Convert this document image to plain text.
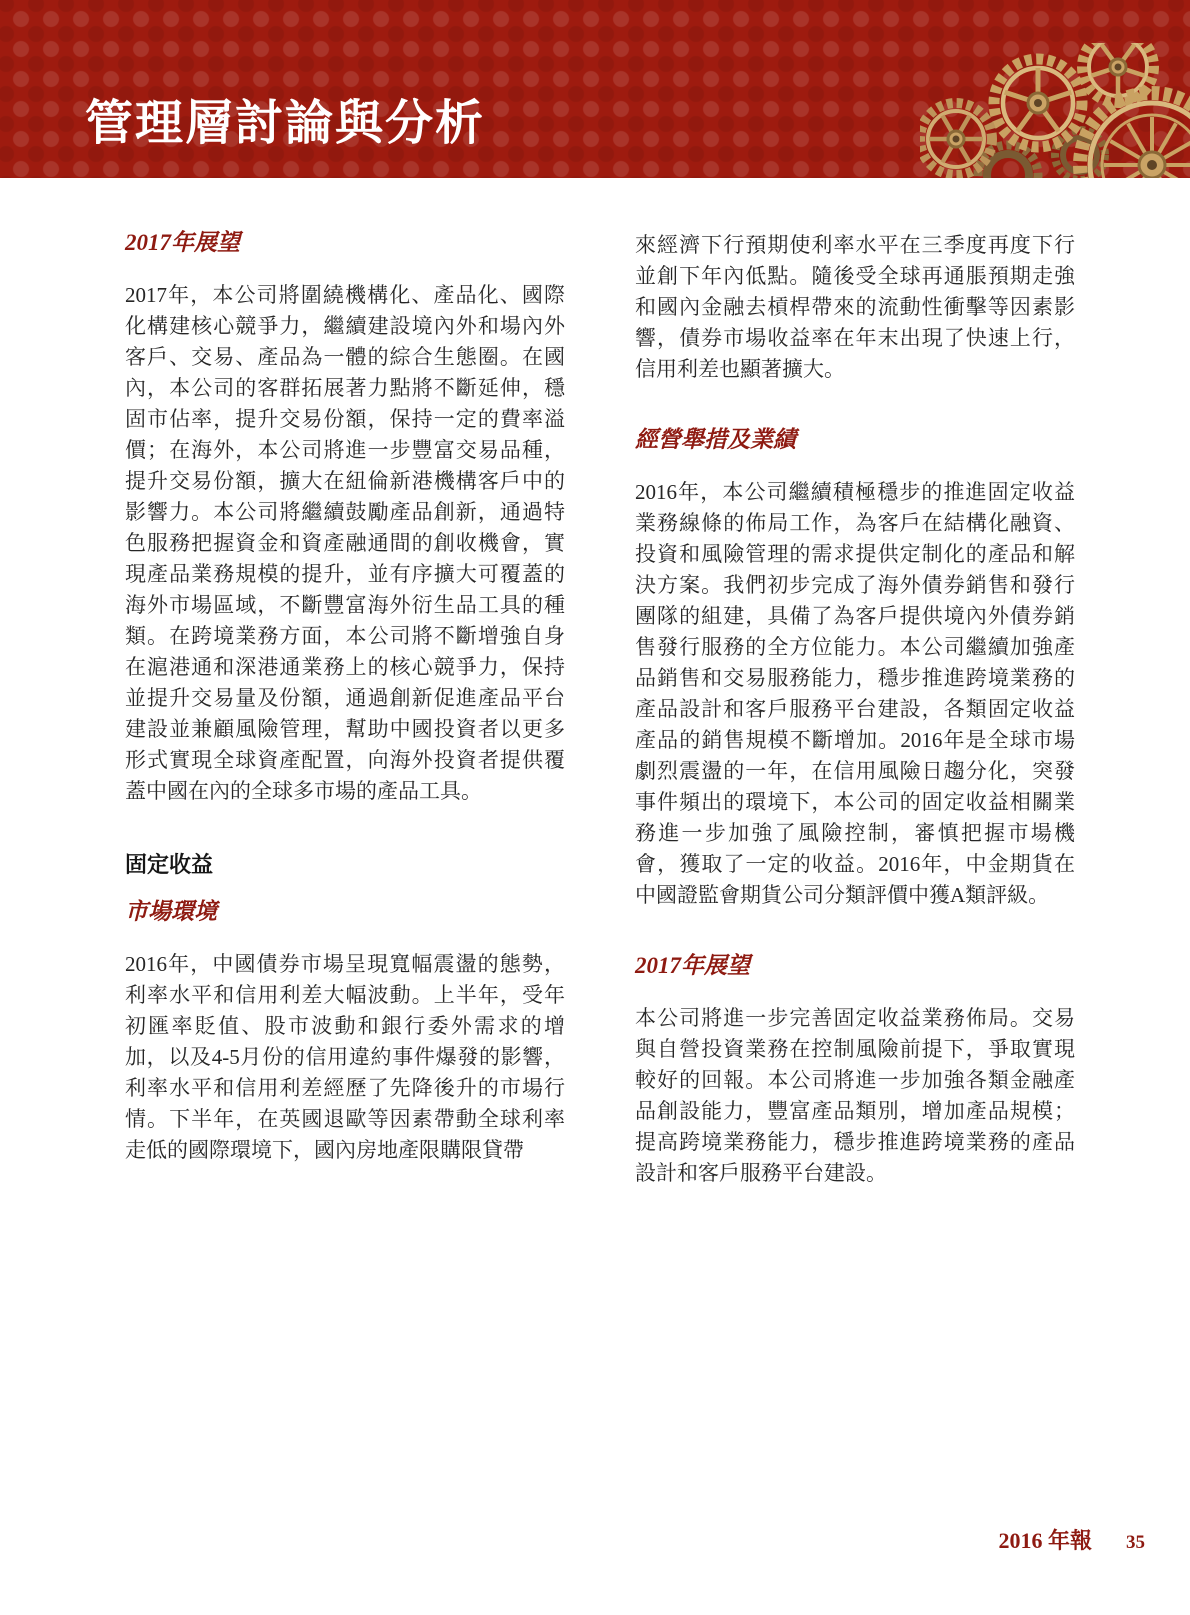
管理層討論與分析
2017年展望

2017年，本公司將圍繞機構化、產品化、國際化構建核心競爭力，繼續建設境內外和場內外客戶、交易、產品為一體的綜合生態圈。在國內，本公司的客群拓展著力點將不斷延伸，穩固市佔率，提升交易份額，保持一定的費率溢價；在海外，本公司將進一步豐富交易品種，提升交易份額，擴大在紐倫新港機構客戶中的影響力。本公司將繼續鼓勵產品創新，通過特色服務把握資金和資產融通間的創收機會，實現產品業務規模的提升，並有序擴大可覆蓋的海外市場區域，不斷豐富海外衍生品工具的種類。在跨境業務方面，本公司將不斷增強自身在滬港通和深港通業務上的核心競爭力，保持並提升交易量及份額，通過創新促進產品平台建設並兼顧風險管理，幫助中國投資者以更多形式實現全球資產配置，向海外投資者提供覆蓋中國在內的全球多市場的產品工具。

固定收益
市場環境

2016年，中國債券市場呈現寬幅震盪的態勢，利率水平和信用利差大幅波動。上半年，受年初匯率貶值、股市波動和銀行委外需求的增加，以及4-5月份的信用違約事件爆發的影響，利率水平和信用利差經歷了先降後升的市場行情。下半年，在英國退歐等因素帶動全球利率走低的國際環境下，國內房地產限購限貸帶

來經濟下行預期使利率水平在三季度再度下行並創下年內低點。隨後受全球再通脹預期走強和國內金融去槓桿帶來的流動性衝擊等因素影響，債券市場收益率在年末出現了快速上行，信用利差也顯著擴大。

經營舉措及業績

2016年，本公司繼續積極穩步的推進固定收益業務線條的佈局工作，為客戶在結構化融資、投資和風險管理的需求提供定制化的產品和解決方案。我們初步完成了海外債券銷售和發行團隊的組建，具備了為客戶提供境內外債券銷售發行服務的全方位能力。本公司繼續加強產品銷售和交易服務能力，穩步推進跨境業務的產品設計和客戶服務平台建設，各類固定收益產品的銷售規模不斷增加。2016年是全球市場劇烈震盪的一年，在信用風險日趨分化，突發事件頻出的環境下，本公司的固定收益相關業務進一步加強了風險控制，審慎把握市場機會，獲取了一定的收益。2016年，中金期貨在中國證監會期貨公司分類評價中獲A類評級。

2017年展望

本公司將進一步完善固定收益業務佈局。交易與自營投資業務在控制風險前提下，爭取實現較好的回報。本公司將進一步加強各類金融產品創設能力，豐富產品類別，增加產品規模；提高跨境業務能力，穩步推進跨境業務的產品設計和客戶服務平台建設。

2016 年報 35
